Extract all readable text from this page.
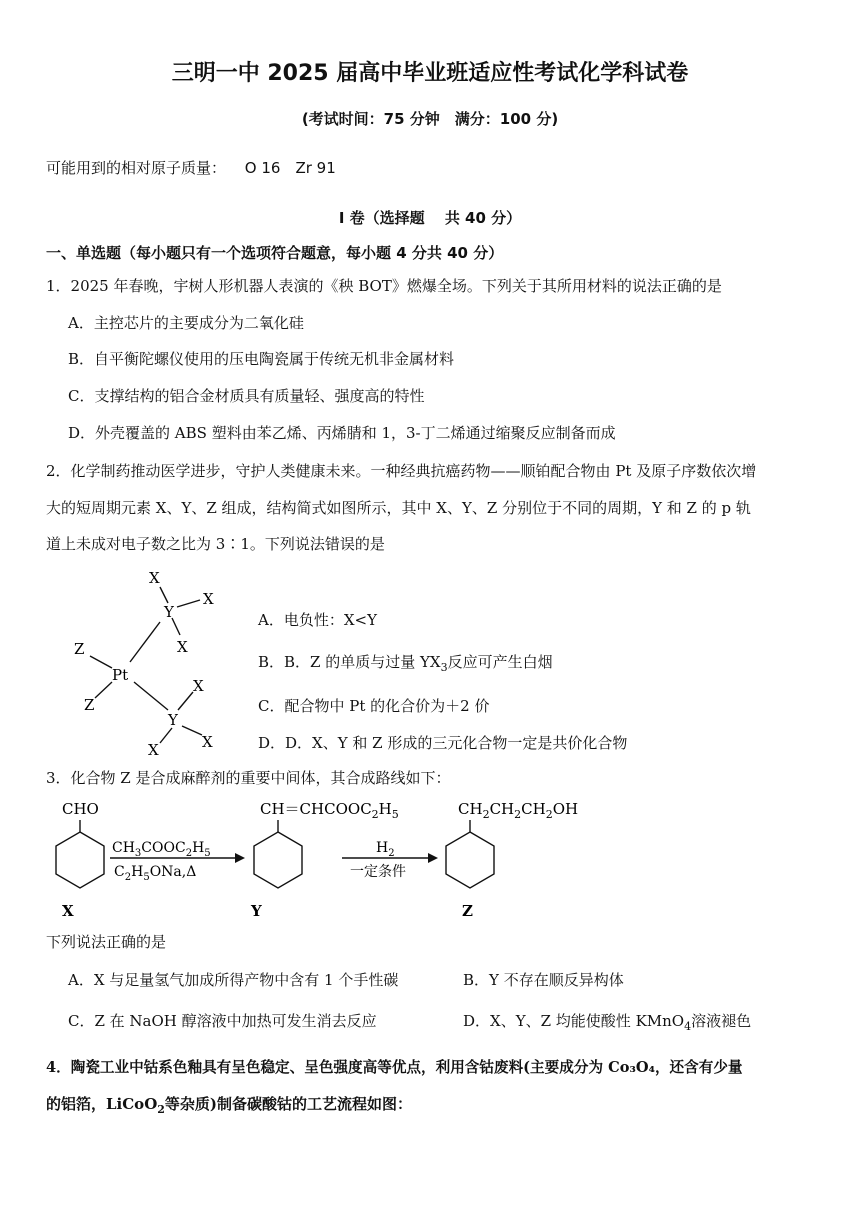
三明一中 2025 届高中毕业班适应性考试化学科试卷
(考试时间：75 分钟　满分：100 分)
可能用到的相对原子质量： O 16　Zr 91
I 卷（选择题　 共 40 分）
一、单选题（每小题只有一个选项符合题意，每小题 4 分共 40 分）
1．2025 年春晚，宇树人形机器人表演的《秧 BOT》燃爆全场。下列关于其所用材料的说法正确的是
A．主控芯片的主要成分为二氧化硅
B．自平衡陀螺仪使用的压电陶瓷属于传统无机非金属材料
C．支撑结构的铝合金材质具有质量轻、强度高的特性
D．外壳覆盖的 ABS 塑料由苯乙烯、丙烯腈和 1，3-丁二烯通过缩聚反应制备而成
2．化学制药推动医学进步，守护人类健康未来。一种经典抗癌药物——顺铂配合物由 Pt 及原子序数依次增
大的短周期元素 X、Y、Z 组成，结构简式如图所示，其中 X、Y、Z 分别位于不同的周期，Y 和 Z 的 p 轨
道上未成对电子数之比为 3∶1。下列说法错误的是
X
Y
X
X
Z
Pt
Z
X
Y
X
X
A．电负性：X<Y
B．B．Z 的单质与过量 $YX_3$反应可产生白烟
C．配合物中 Pt 的化合价为＋2 价
D．D．X、Y 和 Z 形成的三元化合物一定是共价化合物
3．化合物 Z 是合成麻醉剂的重要中间体，其合成路线如下：
CHO	$CH=CHCOOC_2H_5$	$CH_2CH_2CH_2OH$
$CH_3COOC_2H_5$
$C_2H_5ONa,\Delta$
$H_2$
一定条件
X	Y	Z
下列说法正确的是
A．X 与足量氢气加成所得产物中含有 1 个手性碳	B．Y 不存在顺反异构体
C．Z 在 NaOH 醇溶液中加热可发生消去反应	D．X、Y、Z 均能使酸性 KMnO$_4$溶液褪色
4．陶瓷工业中钴系色釉具有呈色稳定、呈色强度高等优点，利用含钴废料(主要成分为 Co₃O₄，还含有少量
的铝箔，LiCoO$_2$等杂质)制备碳酸钴的工艺流程如图：
